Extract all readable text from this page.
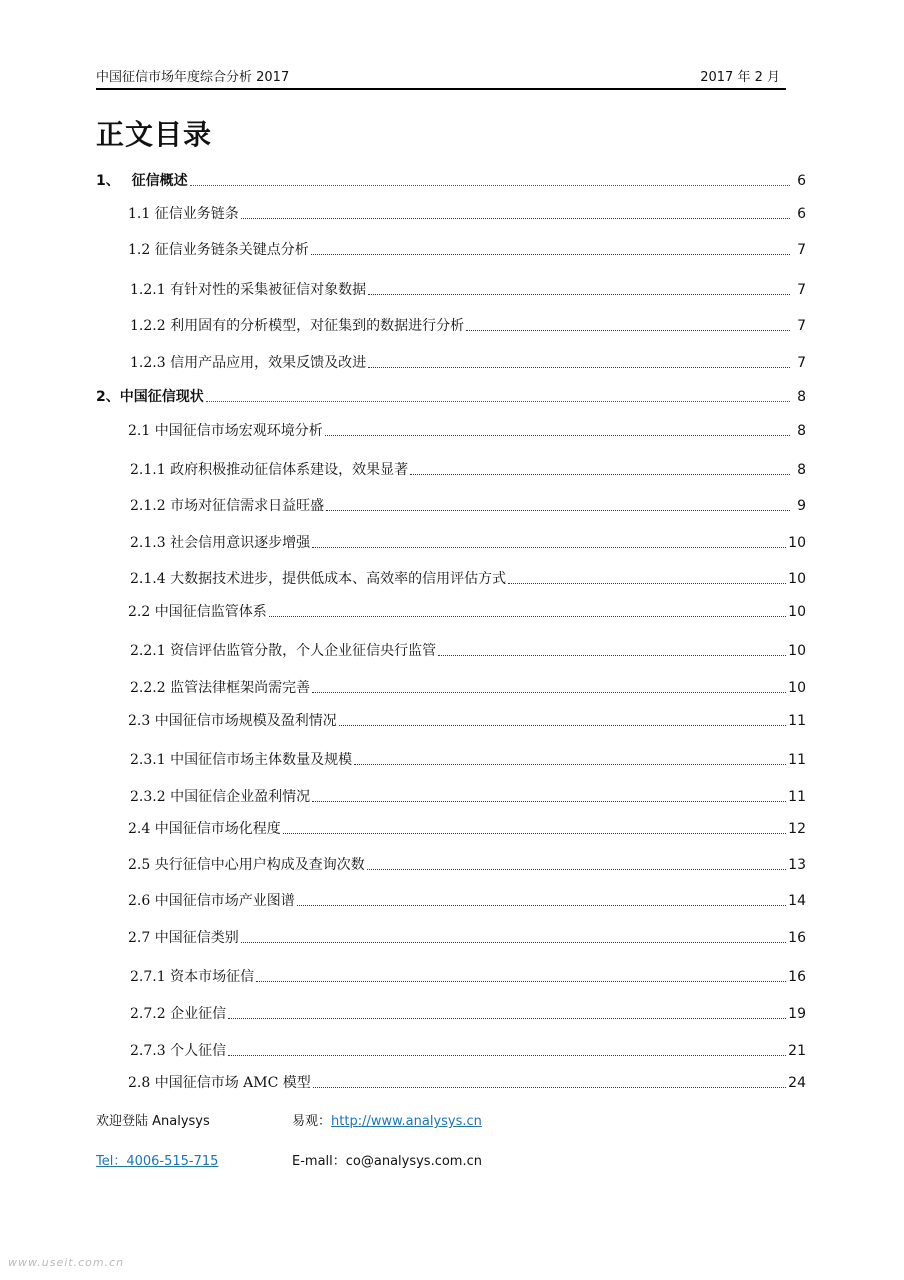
中国征信市场年度综合分析 2017	2017 年 2 月
正文目录
1、　 征信概述	6
1.1 征信业务链条	6
1.2 征信业务链条关键点分析	7
1.2.1 有针对性的采集被征信对象数据	7
1.2.2 利用固有的分析模型，对征集到的数据进行分析	7
1.2.3 信用产品应用，效果反馈及改进	7
2、中国征信现状	8
2.1 中国征信市场宏观环境分析	8
2.1.1 政府积极推动征信体系建设，效果显著	8
2.1.2 市场对征信需求日益旺盛	9
2.1.3 社会信用意识逐步增强	10
2.1.4 大数据技术进步，提供低成本、高效率的信用评估方式	10
2.2 中国征信监管体系	10
2.2.1 资信评估监管分散，个人企业征信央行监管	10
2.2.2 监管法律框架尚需完善	10
2.3 中国征信市场规模及盈利情况	11
2.3.1 中国征信市场主体数量及规模	11
2.3.2 中国征信企业盈利情况	11
2.4 中国征信市场化程度	12
2.5 央行征信中心用户构成及查询次数	13
2.6 中国征信市场产业图谱	14
2.7 中国征信类别	16
2.7.1 资本市场征信	16
2.7.2 企业征信	19
2.7.3 个人征信	21
2.8 中国征信市场 AMC 模型	24
欢迎登陆 Analysys	易观：http://www.analysys.cn
Tel：4006-515-715	E-mall：co@analysys.com.cn
www.useit.com.cn
